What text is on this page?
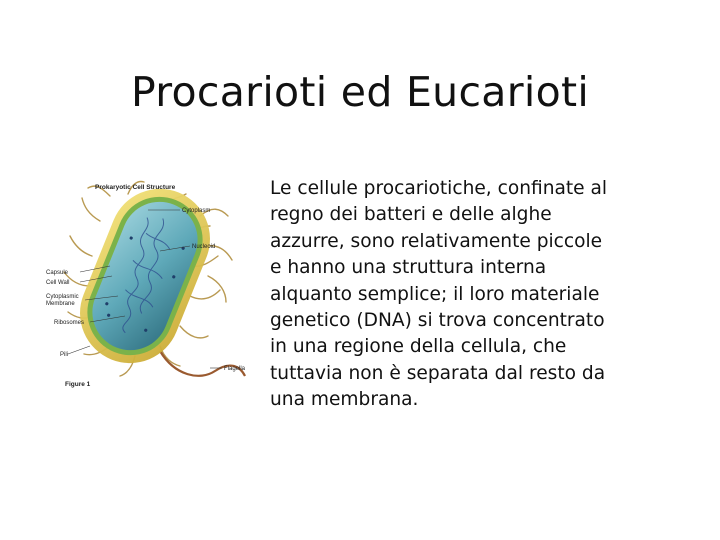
Procarioti ed Eucarioti
Prokaryotic Cell Structure
Cytoplasm
Nucleoid
Capsule
Cell Wall
Cytoplasmic
Membrane
Ribosomes
Pili
Flagella
Figure 1
Le cellule procariotiche, confinate al
regno dei batteri e delle alghe
azzurre, sono relativamente piccole
e hanno una struttura interna
alquanto semplice; il loro materiale
genetico (DNA) si trova concentrato
in una regione della cellula, che
tuttavia non è separata dal resto da
una membrana.
